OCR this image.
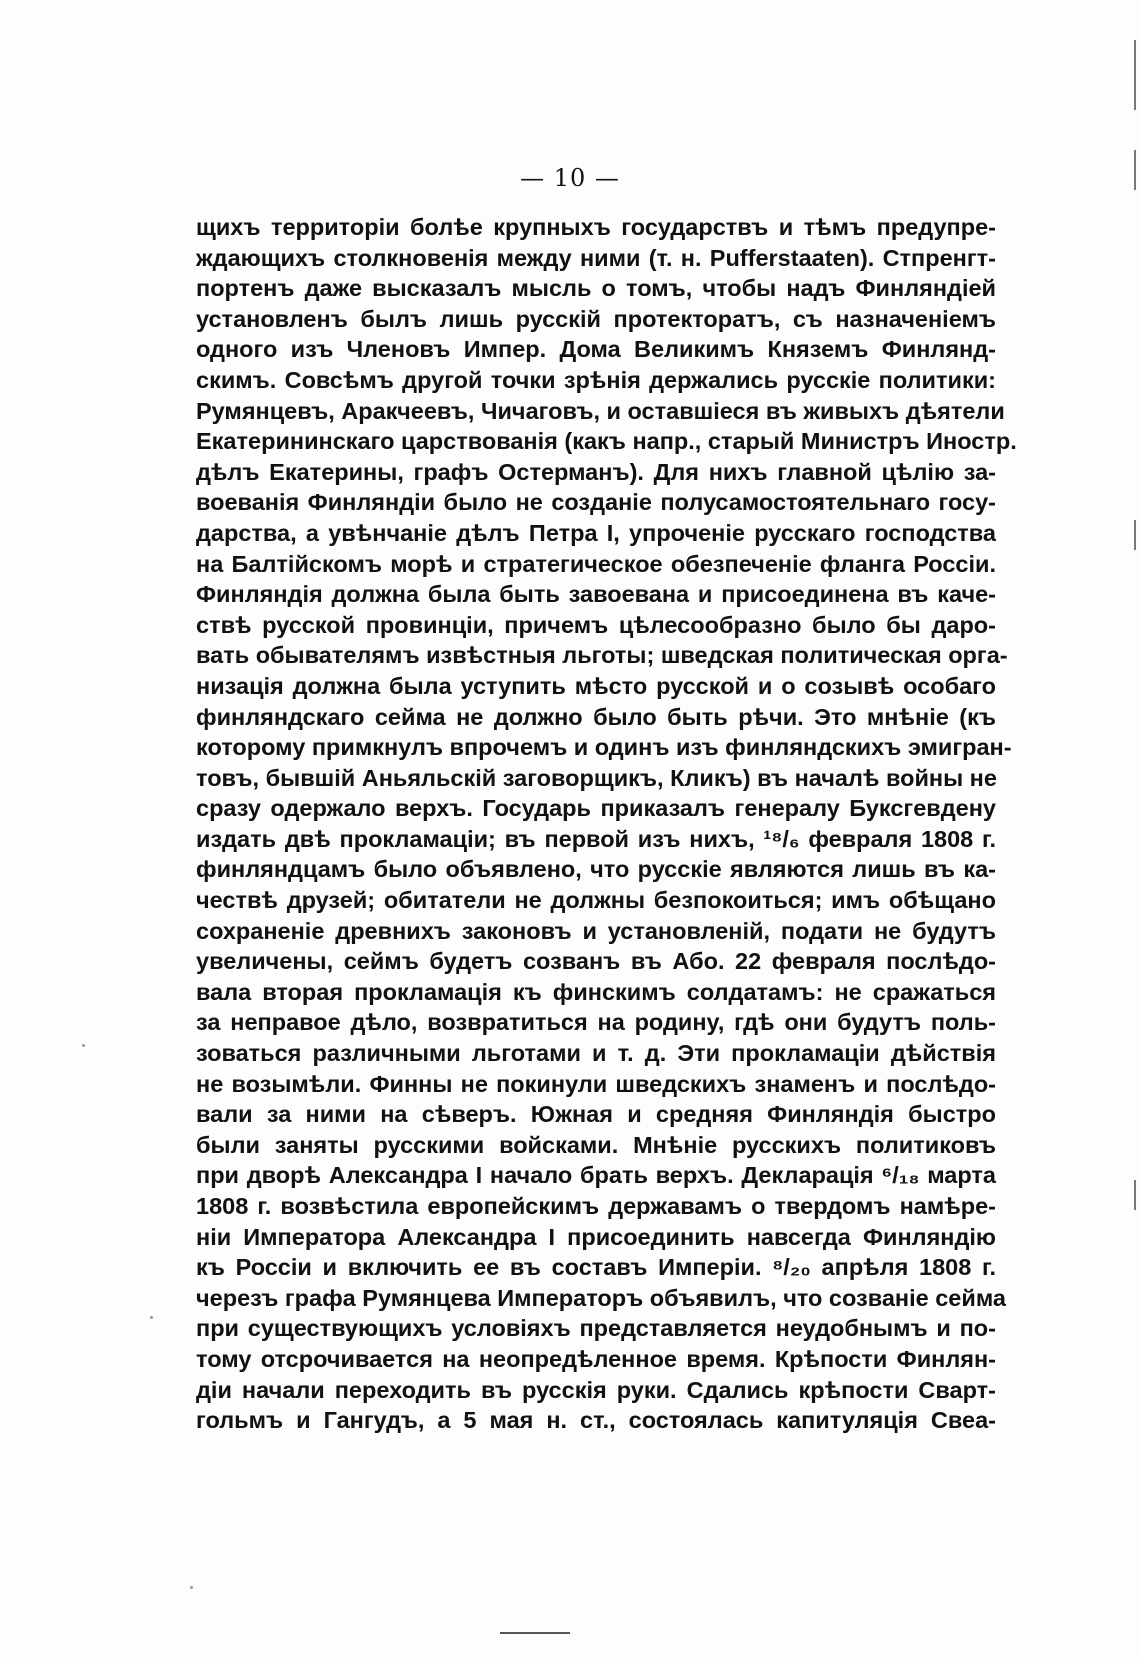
— 10 —
щихъ территоріи болѣе крупныхъ государствъ и тѣмъ предупре-
ждающихъ столкновенія между ними (т. н. Pufferstaaten). Стпренгт-
портенъ даже высказалъ мысль о томъ, чтобы надъ Финляндiей
установленъ былъ лишь русскій протекторатъ, съ назначеніемъ
одного изъ Членовъ Импер. Дома Великимъ Княземъ Финлянд-
скимъ. Совсѣмъ другой точки зрѣнія держались русскіе политики:
Румянцевъ, Аракчеевъ, Чичаговъ, и оставшіеся въ живыхъ дѣятели
Екатерининскаго царствованія (какъ напр., старый Министръ Иностр.
дѣлъ Екатерины, графъ Остерманъ). Для нихъ главной цѣлію за-
воеванія Финляндіи было не созданіе полусамостоятельнаго госу-
дарства, а увѣнчаніе дѣлъ Петра I, упроченіе русскаго господства
на Балтійскомъ морѣ и стратегическое обезпеченіе фланга Россіи.
Финляндія должна была быть завоевана и присоединена въ каче-
ствѣ русской провинціи, причемъ цѣлесообразно было бы даро-
вать обывателямъ извѣстныя льготы; шведская политическая орга-
низація должна была уступить мѣсто русской и о созывѣ особаго
финляндскаго сейма не должно было быть рѣчи. Это мнѣніе (къ
которому примкнулъ впрочемъ и одинъ изъ финляндскихъ эмигран-
товъ, бывшій Аньяльскій заговорщикъ, Кликъ) въ началѣ войны не
сразу одержало верхъ. Государь приказалъ генералу Буксгевдену
издать двѣ прокламаціи; въ первой изъ нихъ, ¹⁸/₆ февраля 1808 г.
финляндцамъ было объявлено, что русскіе являются лишь въ ка-
чествѣ друзей; обитатели не должны безпокоиться; имъ обѣщано
сохраненіе древнихъ законовъ и установленій, подати не будутъ
увеличены, сеймъ будетъ созванъ въ Або. 22 февраля послѣдо-
вала вторая прокламація къ финскимъ солдатамъ: не сражаться
за неправое дѣло, возвратиться на родину, гдѣ они будутъ поль-
зоваться различными льготами и т. д. Эти прокламаціи дѣйствія
не возымѣли. Финны не покинули шведскихъ знаменъ и послѣдо-
вали за ними на сѣверъ. Южная и средняя Финляндія быстро
были заняты русскими войсками. Мнѣніе русскихъ политиковъ
при дворѣ Александра I начало брать верхъ. Декларація ⁶/₁₈ марта
1808 г. возвѣстила европейскимъ державамъ о твердомъ намѣре-
ніи Императора Александра I присоединить навсегда Финляндію
къ Россіи и включить ее въ составъ Имперіи. ⁸/₂₀ апрѣля 1808 г.
черезъ графа Румянцева Императоръ объявилъ, что созваніе сейма
при существующихъ условіяхъ представляется неудобнымъ и по-
тому отсрочивается на неопредѣленное время. Крѣпости Финлян-
діи начали переходить въ русскія руки. Сдались крѣпости Сварт-
гольмъ и Гангудъ, а 5 мая н. ст., состоялась капитуляція Свеа-
